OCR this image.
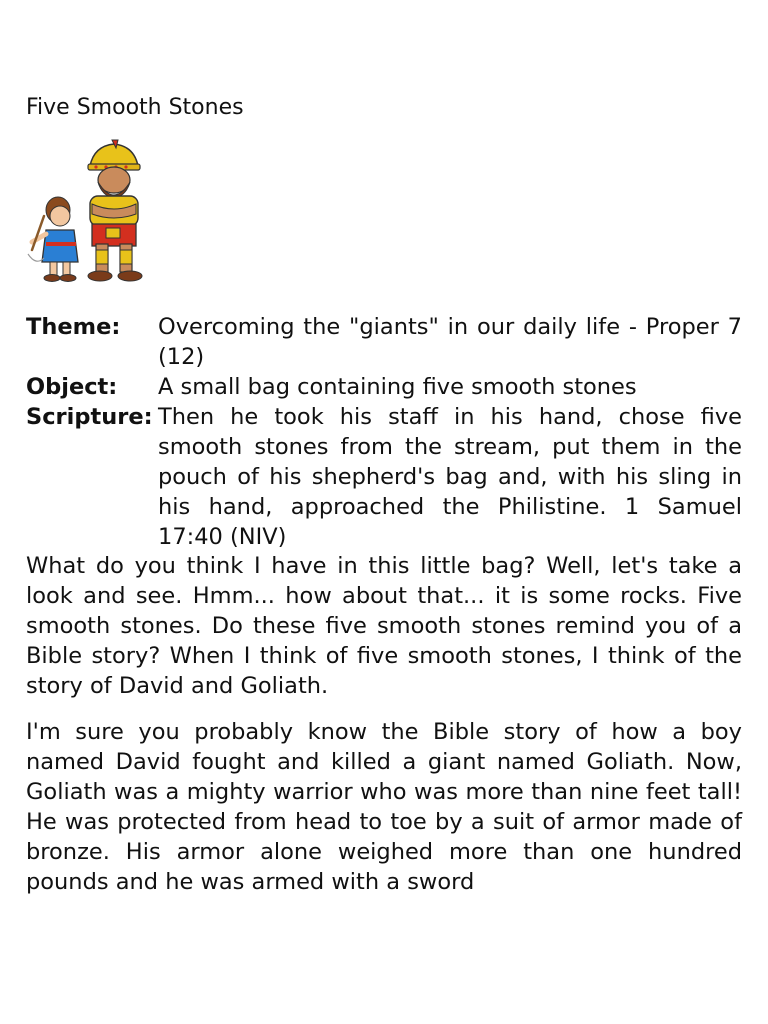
Five Smooth Stones
Theme:	Overcoming the "giants" in our daily life - Proper 7 (12)
Object:	A small bag containing five smooth stones
Scripture:	Then he took his staff in his hand, chose five smooth stones from the stream, put them in the pouch of his shepherd's bag and, with his sling in his hand, approached the Philistine. 1 Samuel 17:40 (NIV)

What do you think I have in this little bag? Well, let's take a look and see. Hmm... how about that... it is some rocks. Five smooth stones. Do these five smooth stones remind you of a Bible story? When I think of five smooth stones, I think of the story of David and Goliath.

I'm sure you probably know the Bible story of how a boy named David fought and killed a giant named Goliath. Now, Goliath was a mighty warrior who was more than nine feet tall! He was protected from head to toe by a suit of armor made of bronze. His armor alone weighed more than one hundred pounds and he was armed with a sword
